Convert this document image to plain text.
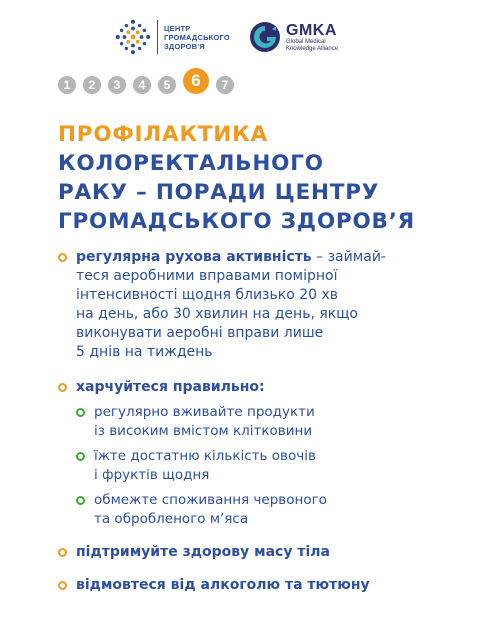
ЦЕНТР
ГРОМАДСЬКОГО
ЗДОРОВ'Я
GMKA
Global Medical
Knowledge Alliance
1	2	3	4	5	6	7
ПРОФІЛАКТИКА
КОЛОРЕКТАЛЬНОГО
РАКУ – ПОРАДИ ЦЕНТРУ
ГРОМАДСЬКОГО ЗДОРОВ’Я
регулярна рухова активність – займай-
теся аеробними вправами помірної
інтенсивності щодня близько 20 хв
на день, або 30 хвилин на день, якщо
виконувати аеробні вправи лише
5 днів на тиждень
харчуйтеся правильно:
регулярно вживайте продукти
із високим вмістом клітковини
їжте достатню кількість овочів
і фруктів щодня
обмежте споживання червоного
та обробленого м’яса
підтримуйте здорову масу тіла
відмовтеся від алкоголю та тютюну
